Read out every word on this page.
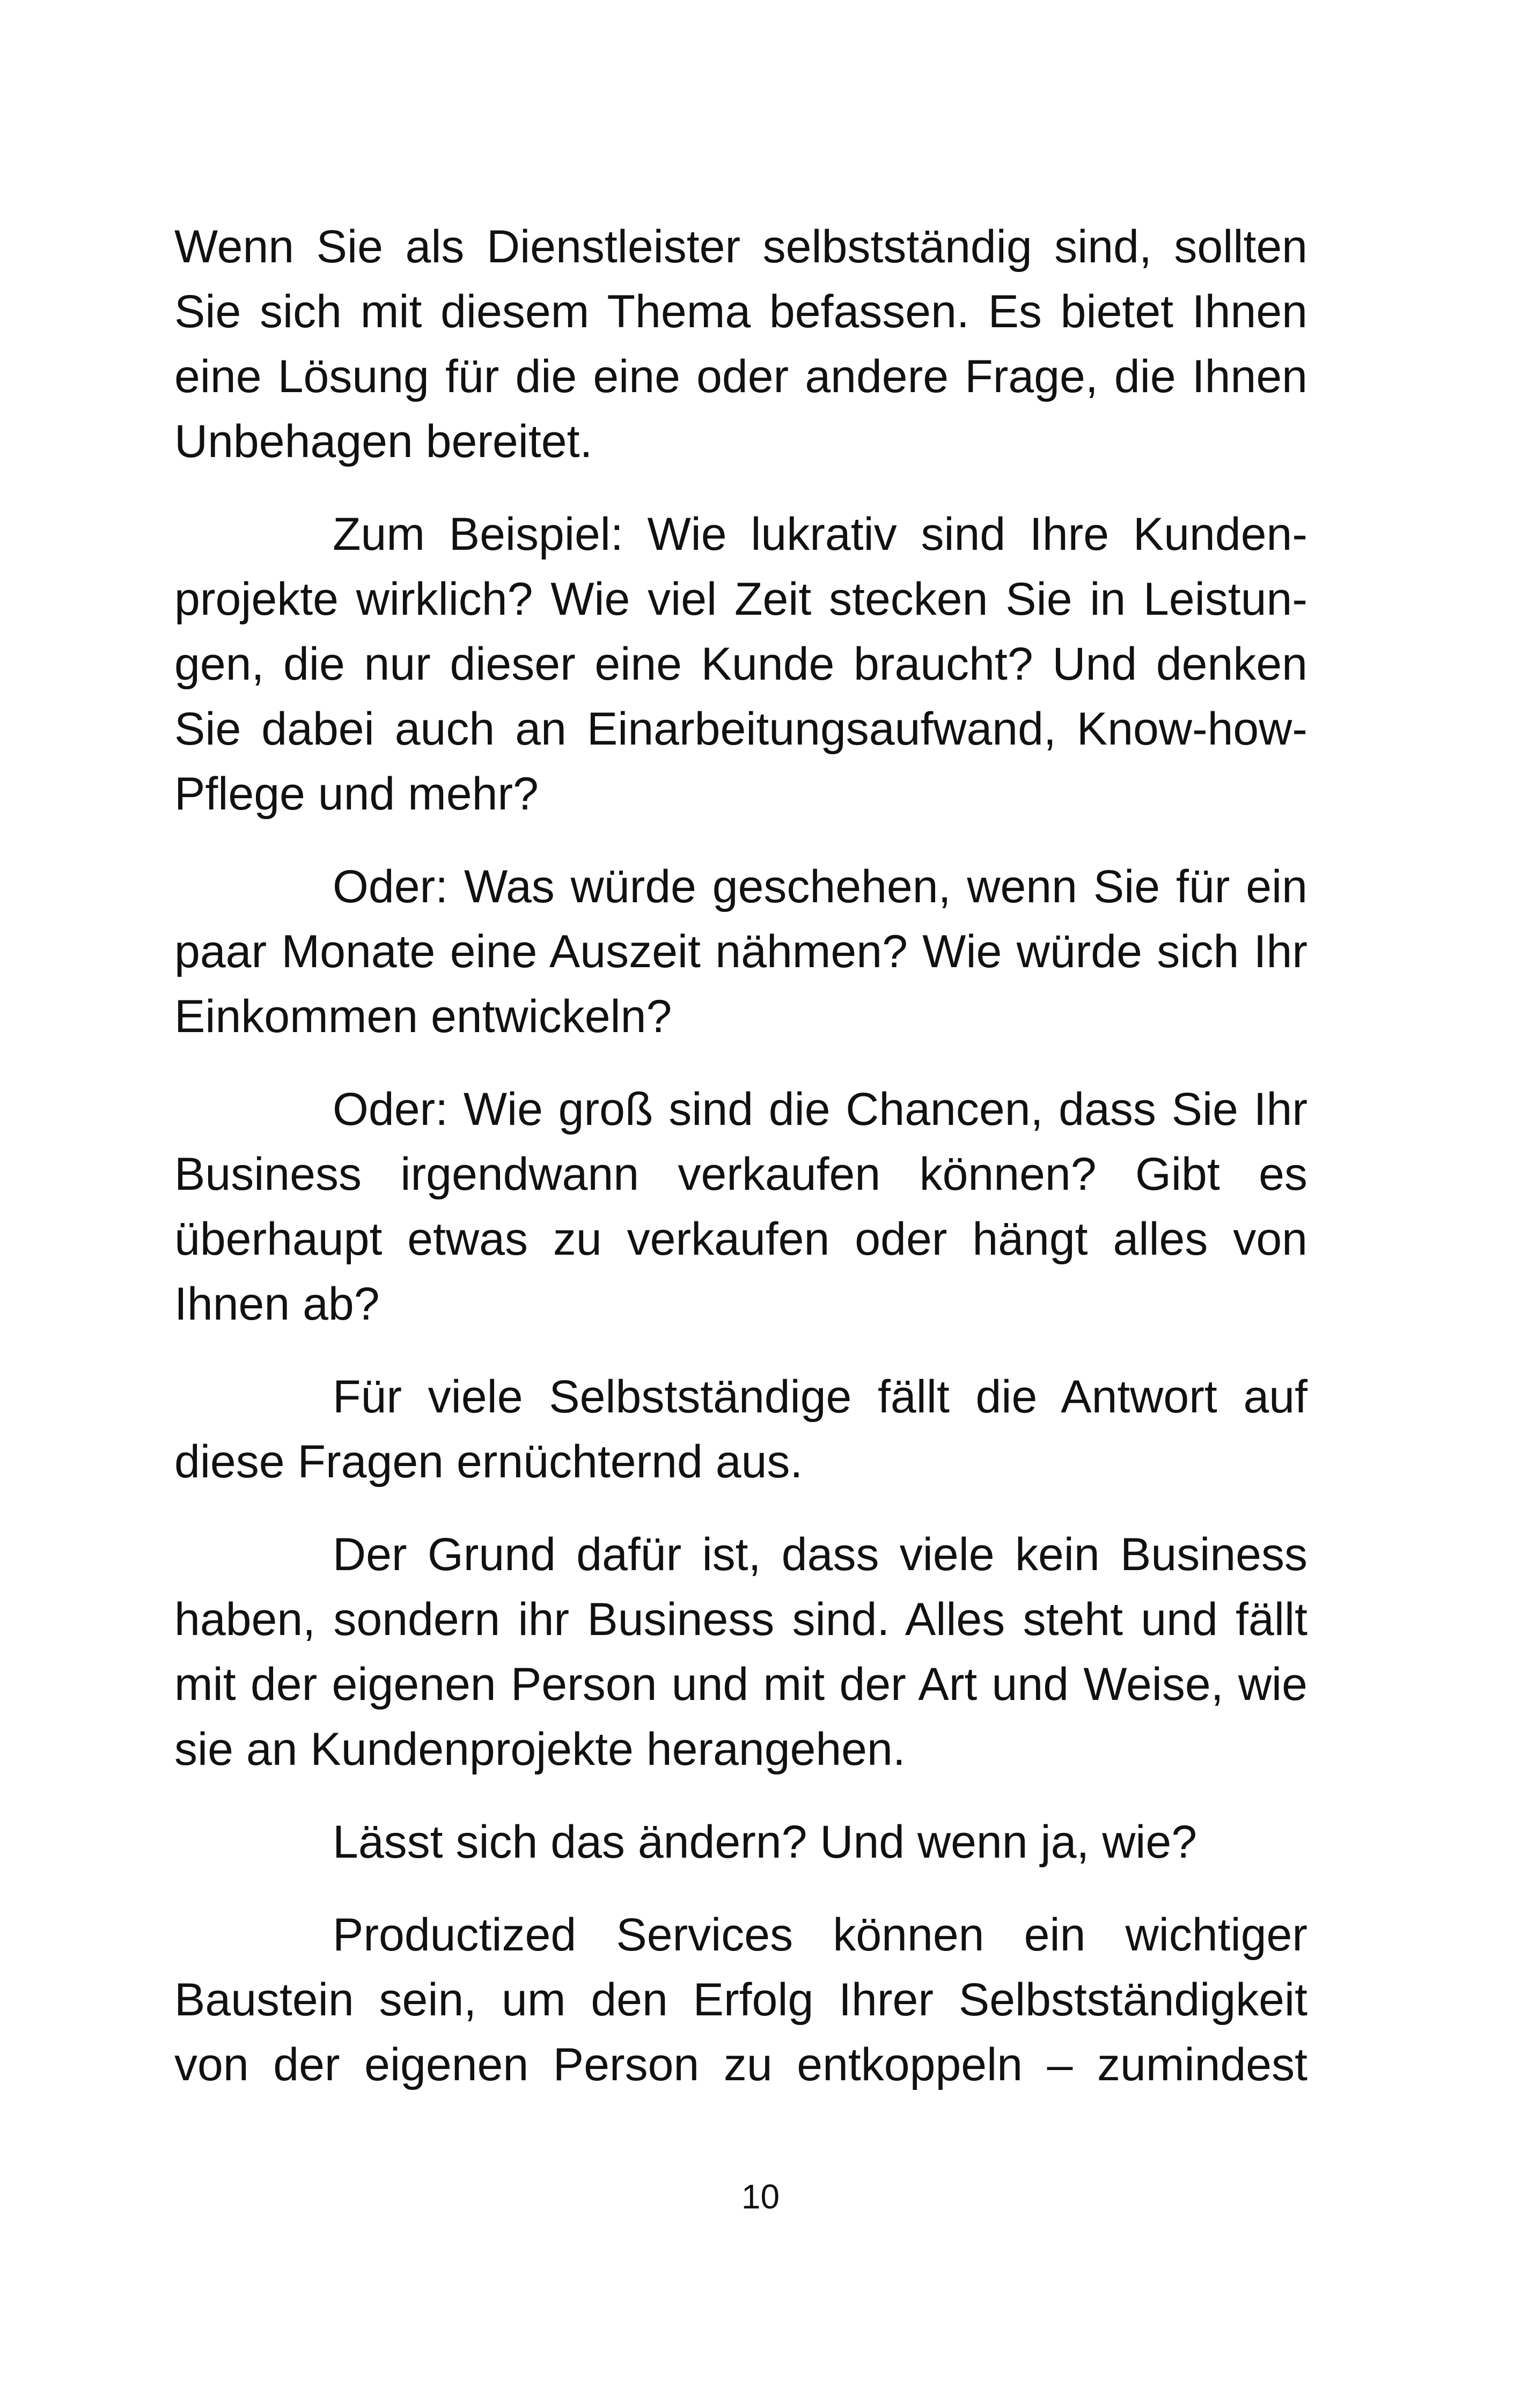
Wenn Sie als Dienstleister selbstständig sind, sollten Sie sich mit diesem Thema befassen. Es bietet Ihnen eine Lösung für die eine oder andere Frage, die Ihnen Unbehagen bereitet.

Zum Beispiel: Wie lukrativ sind Ihre Kundenprojekte wirklich? Wie viel Zeit stecken Sie in Leistungen, die nur dieser eine Kunde braucht? Und denken Sie dabei auch an Einarbeitungsaufwand, Know-how-Pflege und mehr?

Oder: Was würde geschehen, wenn Sie für ein paar Monate eine Auszeit nähmen? Wie würde sich Ihr Einkommen entwickeln?

Oder: Wie groß sind die Chancen, dass Sie Ihr Business irgendwann verkaufen können? Gibt es überhaupt etwas zu verkaufen oder hängt alles von Ihnen ab?

Für viele Selbstständige fällt die Antwort auf diese Fragen ernüchternd aus.

Der Grund dafür ist, dass viele kein Business haben, sondern ihr Business sind. Alles steht und fällt mit der eigenen Person und mit der Art und Weise, wie sie an Kundenprojekte herangehen.

Lässt sich das ändern? Und wenn ja, wie?

Productized Services können ein wichtiger Baustein sein, um den Erfolg Ihrer Selbstständigkeit von der eigenen Person zu entkoppeln – zumindest

10
